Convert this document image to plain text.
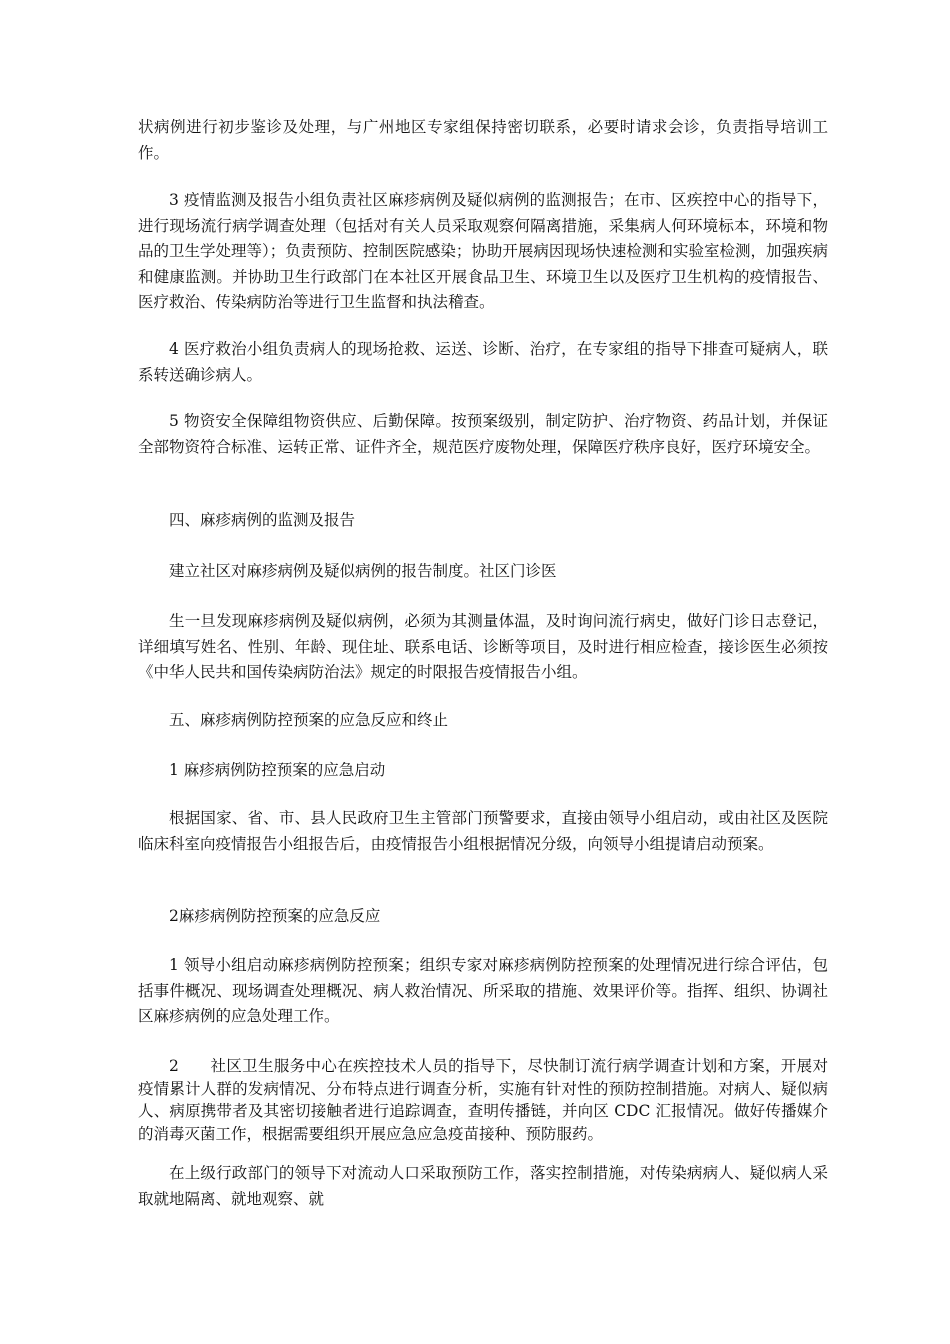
状病例进行初步鉴诊及处理，与广州地区专家组保持密切联系，必要时请求会诊，负责指导培训工作。

3 疫情监测及报告小组负责社区麻疹病例及疑似病例的监测报告；在市、区疾控中心的指导下，进行现场流行病学调查处理（包括对有关人员采取观察何隔离措施，采集病人何环境标本，环境和物品的卫生学处理等）；负责预防、控制医院感染；协助开展病因现场快速检测和实验室检测，加强疾病和健康监测。并协助卫生行政部门在本社区开展食品卫生、环境卫生以及医疗卫生机构的疫情报告、医疗救治、传染病防治等进行卫生监督和执法稽查。

4 医疗救治小组负责病人的现场抢救、运送、诊断、治疗，在专家组的指导下排查可疑病人，联系转送确诊病人。

5 物资安全保障组物资供应、后勤保障。按预案级别，制定防护、治疗物资、药品计划，并保证全部物资符合标准、运转正常、证件齐全，规范医疗废物处理，保障医疗秩序良好，医疗环境安全。

四、麻疹病例的监测及报告

建立社区对麻疹病例及疑似病例的报告制度。社区门诊医

生一旦发现麻疹病例及疑似病例，必须为其测量体温，及时询问流行病史，做好门诊日志登记，详细填写姓名、性别、年龄、现住址、联系电话、诊断等项目，及时进行相应检查，接诊医生必须按《中华人民共和国传染病防治法》规定的时限报告疫情报告小组。

五、麻疹病例防控预案的应急反应和终止

1 麻疹病例防控预案的应急启动

根据国家、省、市、县人民政府卫生主管部门预警要求，直接由领导小组启动，或由社区及医院临床科室向疫情报告小组报告后，由疫情报告小组根据情况分级，向领导小组提请启动预案。

2麻疹病例防控预案的应急反应

1 领导小组启动麻疹病例防控预案；组织专家对麻疹病例防控预案的处理情况进行综合评估，包括事件概况、现场调查处理概况、病人救治情况、所采取的措施、效果评价等。指挥、组织、协调社区麻疹病例的应急处理工作。

2      社区卫生服务中心在疾控技术人员的指导下，尽快制订流行病学调查计划和方案，开展对疫情累计人群的发病情况、分布特点进行调查分析，实施有针对性的预防控制措施。对病人、疑似病人、病原携带者及其密切接触者进行追踪调查，查明传播链，并向区 CDC 汇报情况。做好传播媒介的消毒灭菌工作，根据需要组织开展应急应急疫苗接种、预防服药。

在上级行政部门的领导下对流动人口采取预防工作，落实控制措施，对传染病病人、疑似病人采取就地隔离、就地观察、就
